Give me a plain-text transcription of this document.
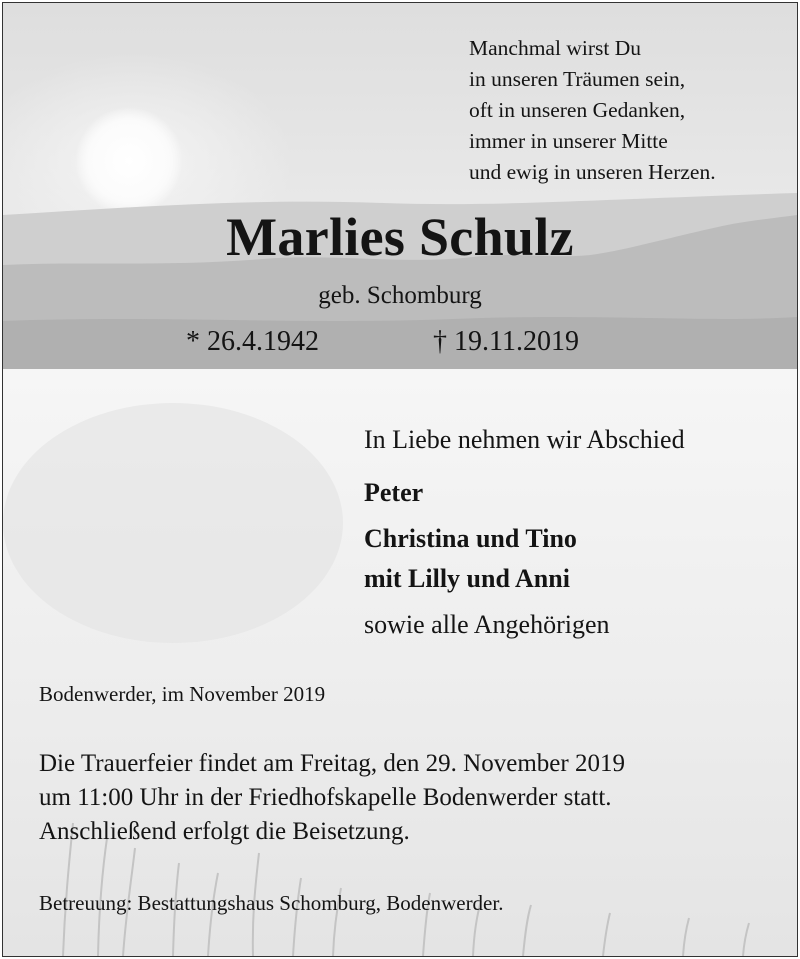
Manchmal wirst Du
in unseren Träumen sein,
oft in unseren Gedanken,
immer in unserer Mitte
und ewig in unseren Herzen.
Marlies Schulz
geb. Schomburg
* 26.4.1942	† 19.11.2019
In Liebe nehmen wir Abschied
Peter
Christina und Tino
mit Lilly und Anni
sowie alle Angehörigen
Bodenwerder, im November 2019
Die Trauerfeier findet am Freitag, den 29. November 2019
um 11:00 Uhr in der Friedhofskapelle Bodenwerder statt.
Anschließend erfolgt die Beisetzung.
Betreuung: Bestattungshaus Schomburg, Bodenwerder.
